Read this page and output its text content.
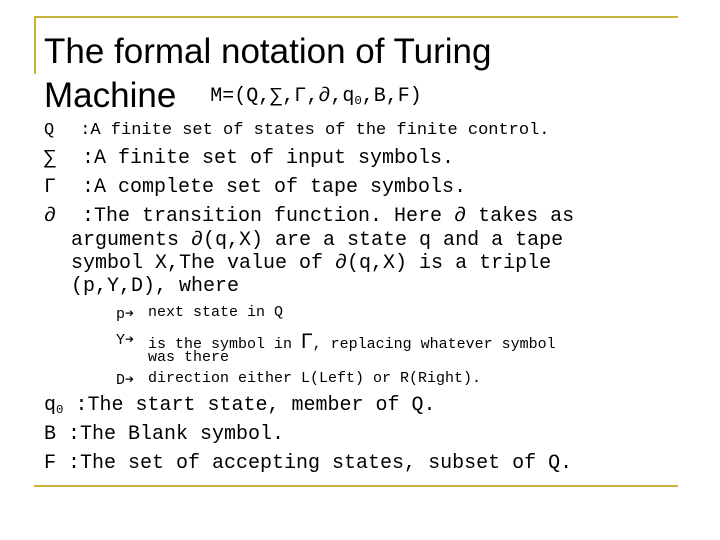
The formal notation of Turing
Machine $M=(Q,\sum,\Gamma,\partial,q_0,B,F)$
Q :A finite set of states of the finite control.
∑ :A finite set of input symbols.
Γ :A complete set of tape symbols.
∂ :The transition function. Here ∂ takes as
arguments ∂(q,X) are a state q and a tape
symbol X,The value of ∂(q,X) is a triple
(p,Y,D), where
p➔ next state in Q
Y➔ is the symbol in Γ, replacing whatever symbol
was there
D➔ direction either L(Left) or R(Right).
$q_0$ :The start state, member of Q.
B :The Blank symbol.
F :The set of accepting states, subset of Q.
